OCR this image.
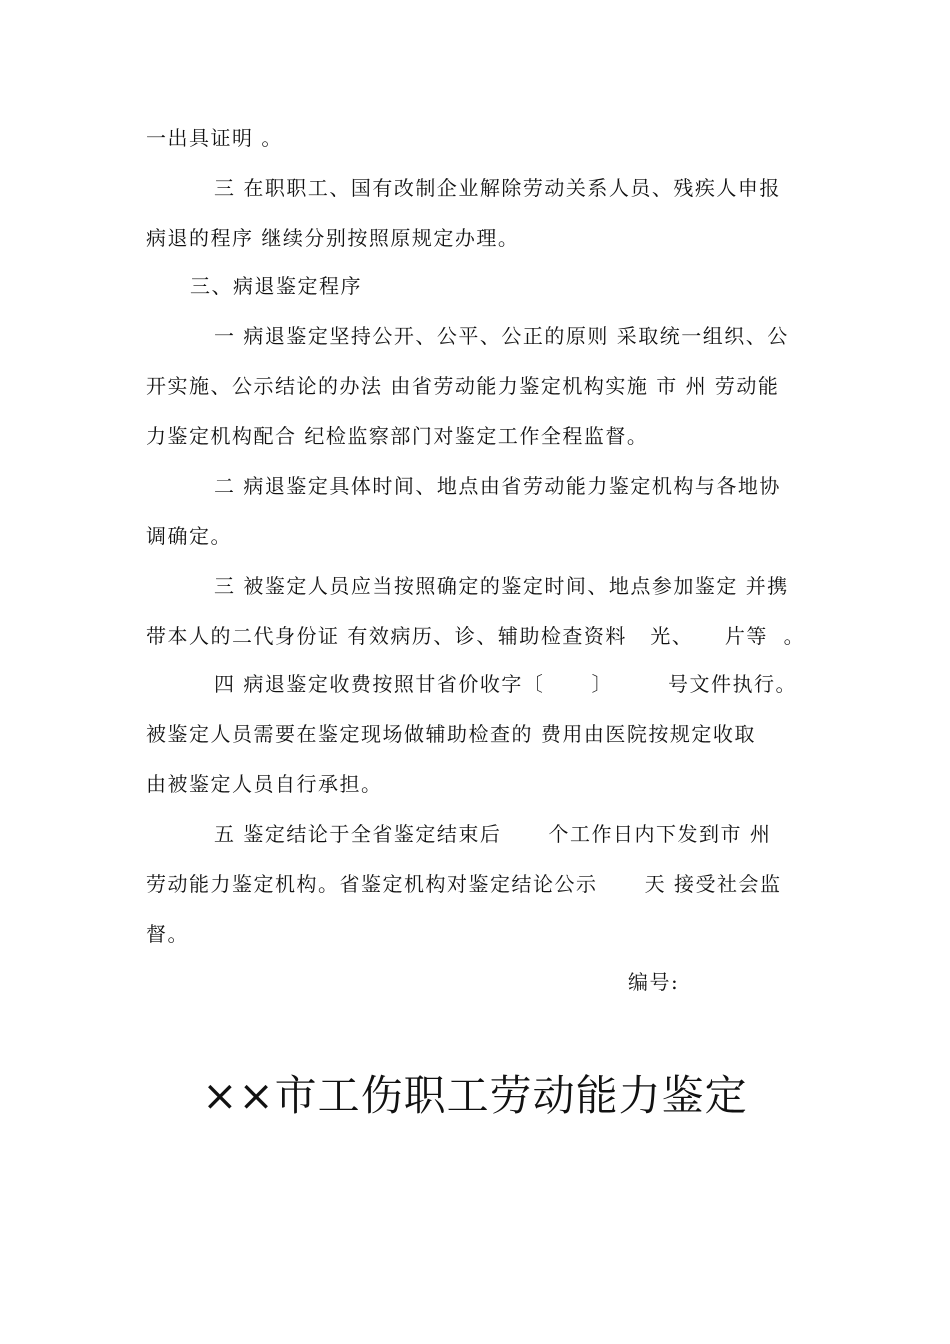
一出具证明 。
三 在职职工、国有改制企业解除劳动关系人员、残疾人申报
病退的程序 继续分别按照原规定办理。
三、病退鉴定程序
一 病退鉴定坚持公开、公平、公正的原则 采取统一组织、公
开实施、公示结论的办法 由省劳动能力鉴定机构实施 市 州 劳动能
力鉴定机构配合 纪检监察部门对鉴定工作全程监督。
二 病退鉴定具体时间、地点由省劳动能力鉴定机构与各地协
调确定。
三 被鉴定人员应当按照确定的鉴定时间、地点参加鉴定 并携
带本人的二代身份证 有效病历、诊、辅助检查资料   光、    片等  。
四 病退鉴定收费按照甘省价收字〔      〕       号文件执行。
被鉴定人员需要在鉴定现场做辅助检查的 费用由医院按规定收取
由被鉴定人员自行承担。
五 鉴定结论于全省鉴定结束后      个工作日内下发到市 州
劳动能力鉴定机构。省鉴定机构对鉴定结论公示      天 接受社会监
督。
编号:
××市工伤职工劳动能力鉴定
